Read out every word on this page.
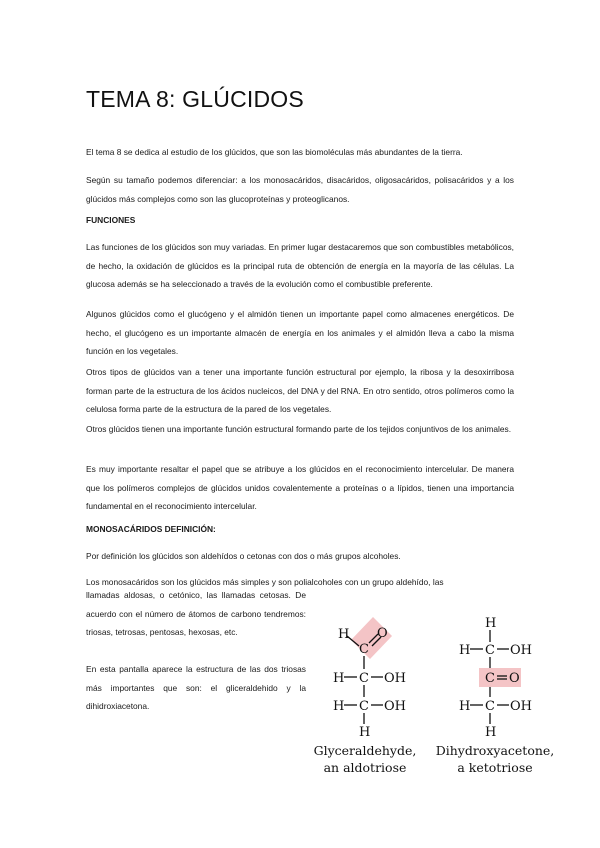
TEMA 8: GLÚCIDOS

El tema 8 se dedica al estudio de los glúcidos, que son las biomoléculas más abundantes de la tierra.

Según su tamaño podemos diferenciar: a los monosacáridos, disacáridos, oligosacáridos, polisacáridos y a los glúcidos más complejos como son las glucoproteínas y proteoglicanos.

FUNCIONES

Las funciones de los glúcidos son muy variadas. En primer lugar destacaremos que son combustibles metabólicos, de hecho, la oxidación de glúcidos es la principal ruta de obtención de energía en la mayoría de las células. La glucosa además se ha seleccionado a través de la evolución como el combustible preferente.

Algunos glúcidos como el glucógeno y el almidón tienen un importante papel como almacenes energéticos. De hecho, el glucógeno es un importante almacén de energía en los animales y el almidón lleva a cabo la misma función en los vegetales.

Otros tipos de glúcidos van a tener una importante función estructural por ejemplo, la ribosa y la desoxirribosa forman parte de la estructura de los ácidos nucleicos, del DNA y del RNA. En otro sentido, otros polímeros como la celulosa forma parte de la estructura de la pared de los vegetales.

Otros glúcidos tienen una importante función estructural formando parte de los tejidos conjuntivos de los animales.

Es muy importante resaltar el papel que se atribuye a los glúcidos en el reconocimiento intercelular. De manera que los polímeros complejos de glúcidos unidos covalentemente a proteínas o a lípidos, tienen una importancia fundamental en el reconocimiento intercelular.

MONOSACÁRIDOS DEFINICIÓN:

Por definición los glúcidos son aldehídos o cetonas con dos o más grupos alcoholes.

Los monosacáridos son los glúcidos más simples y son polialcoholes con un grupo aldehído, las

llamadas aldosas, o cetónico, las llamadas cetosas. De acuerdo con el número de átomos de carbono tendremos: triosas, tetrosas, pentosas, hexosas, etc.

En esta pantalla aparece la estructura de las dos triosas más importantes que son: el gliceraldehido y la dihidroxiacetona.

H O
C
H C OH
H C OH
H
Glyceraldehyde,
an aldotriose
H
H C OH
C O
H C OH
H
Dihydroxyacetone,
a ketotriose
